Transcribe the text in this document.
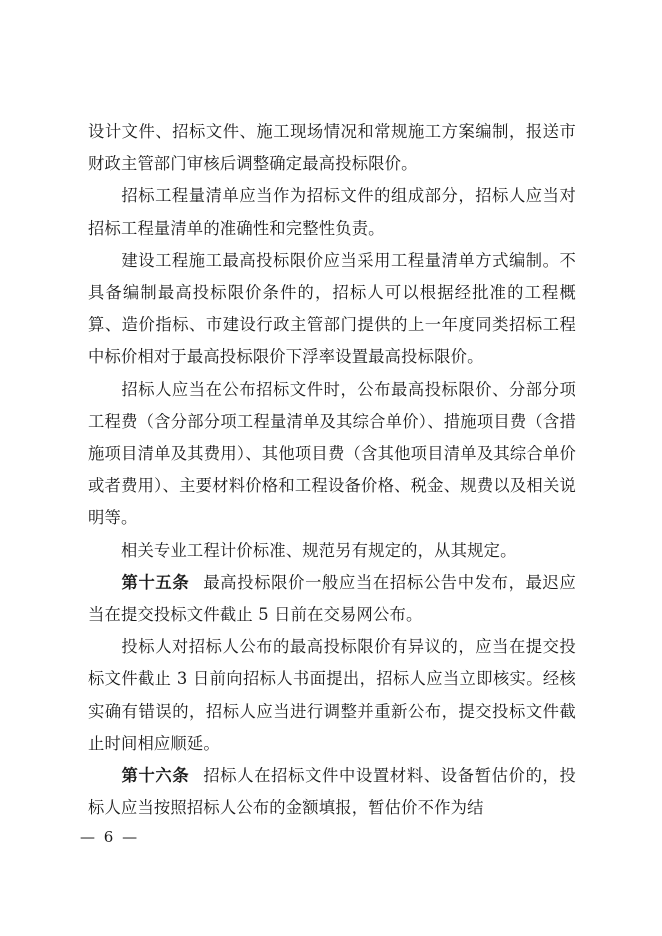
设计文件、招标文件、施工现场情况和常规施工方案编制，报送市财政主管部门审核后调整确定最高投标限价。

招标工程量清单应当作为招标文件的组成部分，招标人应当对招标工程量清单的准确性和完整性负责。

建设工程施工最高投标限价应当采用工程量清单方式编制。不具备编制最高投标限价条件的，招标人可以根据经批准的工程概算、造价指标、市建设行政主管部门提供的上一年度同类招标工程中标价相对于最高投标限价下浮率设置最高投标限价。

招标人应当在公布招标文件时，公布最高投标限价、分部分项工程费（含分部分项工程量清单及其综合单价）、措施项目费（含措施项目清单及其费用）、其他项目费（含其他项目清单及其综合单价或者费用）、主要材料价格和工程设备价格、税金、规费以及相关说明等。

相关专业工程计价标准、规范另有规定的，从其规定。

第十五条 最高投标限价一般应当在招标公告中发布，最迟应当在提交投标文件截止 5 日前在交易网公布。

投标人对招标人公布的最高投标限价有异议的，应当在提交投标文件截止 3 日前向招标人书面提出，招标人应当立即核实。经核实确有错误的，招标人应当进行调整并重新公布，提交投标文件截止时间相应顺延。

第十六条 招标人在招标文件中设置材料、设备暂估价的，投标人应当按照招标人公布的金额填报，暂估价不作为结

— 6 —
